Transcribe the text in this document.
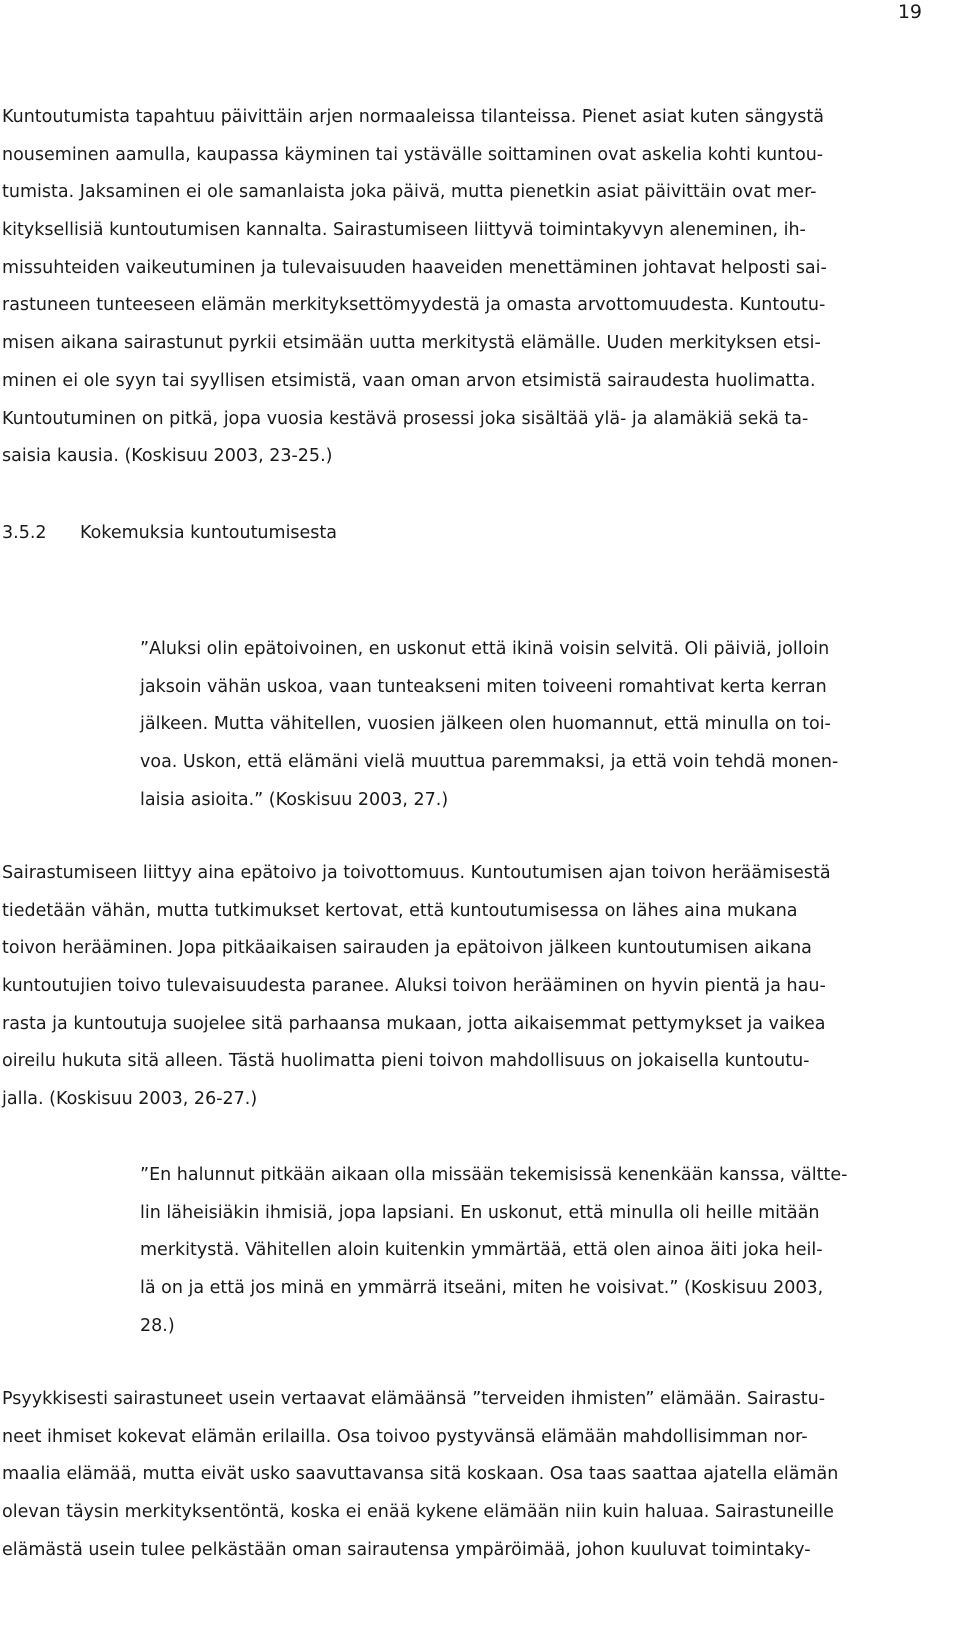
19
Kuntoutumista tapahtuu päivittäin arjen normaaleissa tilanteissa. Pienet asiat kuten sängystä
nouseminen aamulla, kaupassa käyminen tai ystävälle soittaminen ovat askelia kohti kuntou-
tumista. Jaksaminen ei ole samanlaista joka päivä, mutta pienetkin asiat päivittäin ovat mer-
kityksellisiä kuntoutumisen kannalta. Sairastumiseen liittyvä toimintakyvyn aleneminen, ih-
missuhteiden vaikeutuminen ja tulevaisuuden haaveiden menettäminen johtavat helposti sai-
rastuneen tunteeseen elämän merkityksettömyydestä ja omasta arvottomuudesta. Kuntoutu-
misen aikana sairastunut pyrkii etsimään uutta merkitystä elämälle. Uuden merkityksen etsi-
minen ei ole syyn tai syyllisen etsimistä, vaan oman arvon etsimistä sairaudesta huolimatta.
Kuntoutuminen on pitkä, jopa vuosia kestävä prosessi joka sisältää ylä- ja alamäkiä sekä ta-
saisia kausia. (Koskisuu 2003, 23-25.)
3.5.2 Kokemuksia kuntoutumisesta
”Aluksi olin epätoivoinen, en uskonut että ikinä voisin selvitä. Oli päiviä, jolloin
jaksoin vähän uskoa, vaan tunteakseni miten toiveeni romahtivat kerta kerran
jälkeen. Mutta vähitellen, vuosien jälkeen olen huomannut, että minulla on toi-
voa. Uskon, että elämäni vielä muuttua paremmaksi, ja että voin tehdä monen-
laisia asioita.” (Koskisuu 2003, 27.)
Sairastumiseen liittyy aina epätoivo ja toivottomuus. Kuntoutumisen ajan toivon heräämisestä
tiedetään vähän, mutta tutkimukset kertovat, että kuntoutumisessa on lähes aina mukana
toivon herääminen. Jopa pitkäaikaisen sairauden ja epätoivon jälkeen kuntoutumisen aikana
kuntoutujien toivo tulevaisuudesta paranee. Aluksi toivon herääminen on hyvin pientä ja hau-
rasta ja kuntoutuja suojelee sitä parhaansa mukaan, jotta aikaisemmat pettymykset ja vaikea
oireilu hukuta sitä alleen. Tästä huolimatta pieni toivon mahdollisuus on jokaisella kuntoutu-
jalla. (Koskisuu 2003, 26-27.)
”En halunnut pitkään aikaan olla missään tekemisissä kenenkään kanssa, vältte-
lin läheisiäkin ihmisiä, jopa lapsiani. En uskonut, että minulla oli heille mitään
merkitystä. Vähitellen aloin kuitenkin ymmärtää, että olen ainoa äiti joka heil-
lä on ja että jos minä en ymmärrä itseäni, miten he voisivat.” (Koskisuu 2003,
28.)
Psyykkisesti sairastuneet usein vertaavat elämäänsä ”terveiden ihmisten” elämään. Sairastu-
neet ihmiset kokevat elämän erilailla. Osa toivoo pystyvänsä elämään mahdollisimman nor-
maalia elämää, mutta eivät usko saavuttavansa sitä koskaan. Osa taas saattaa ajatella elämän
olevan täysin merkityksentöntä, koska ei enää kykene elämään niin kuin haluaa. Sairastuneille
elämästä usein tulee pelkästään oman sairautensa ympäröimää, johon kuuluvat toimintaky-
